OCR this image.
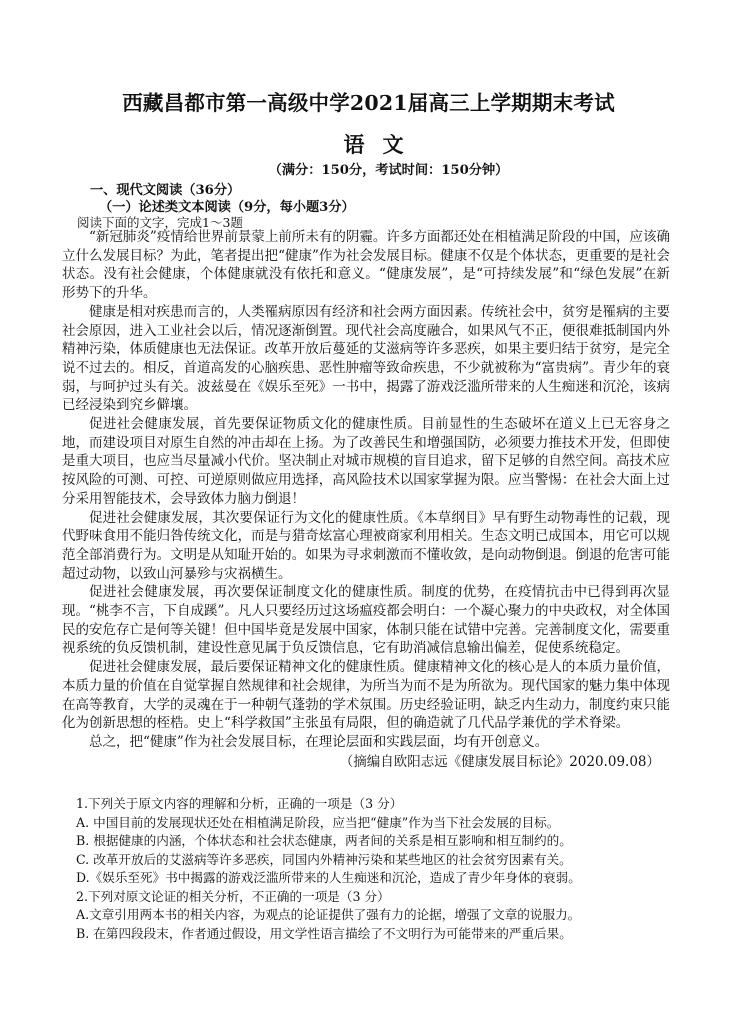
西藏昌都市第一高级中学2021届高三上学期期末考试
语文
（满分：150分，考试时间：150分钟）
一、现代文阅读（36分）
（一）论述类文本阅读（9分，每小题3分）
阅读下面的文字，完成1～3题

“新冠肺炎”疫情给世界前景蒙上前所未有的阴霾。许多方面都还处在相植满足阶段的中国，应该确立什么发展目标？为此，笔者提出把“健康”作为社会发展目标。健康不仅是个体状态，更重要的是社会状态。没有社会健康，个体健康就没有依托和意义。“健康发展”，是“可持续发展”和“绿色发展”在新形势下的升华。

健康是相对疾患而言的，人类罹病原因有经济和社会两方面因素。传统社会中，贫穷是罹病的主要社会原因，进入工业社会以后，情况逐渐倒置。现代社会高度融合，如果风气不正，便很难抵制国内外精神污染，体质健康也无法保证。改革开放后蔓延的艾滋病等许多恶疾，如果主要归结于贫穷，是完全说不过去的。相反，首道高发的心脑疾患、恶性肿瘤等致命疾患，不少就被称为“富贵病”。青少年的衰弱，与呵护过头有关。波兹曼在《娱乐至死》一书中，揭露了游戏泛滥所带来的人生痴迷和沉沦，该病已经浸染到究乡僻壤。

促进社会健康发展，首先要保证物质文化的健康性质。目前显性的生态破坏在道义上已无容身之地，而建设项目对原生自然的冲击却在上扬。为了改善民生和增强国防，必须要力推技术开发，但即使是重大项目，也应当尽量减小代价。坚决制止对城市规模的盲目追求，留下足够的自然空间。高技术应按风险的可测、可控、可逆原则做应用选择，高风险技术以国家掌握为限。应当警惕：在社会大面上过分采用智能技术，会导致体力脑力倒退！

促进社会健康发展，其次要保证行为文化的健康性质。《本草纲目》早有野生动物毒性的记载，现代野味食用不能归咎传统文化，而是与猎奇炫富心理被商家利用相关。生态文明已成国本，用它可以规范全部消费行为。文明是从知耻开始的。如果为寻求刺激而不懂收敛，是向动物倒退。倒退的危害可能超过动物，以致山河暴殄与灾祸横生。

促进社会健康发展，再次要保证制度文化的健康性质。制度的优势，在疫情抗击中已得到再次显现。“桃李不言，下自成蹊”。凡人只要经历过这场瘟疫都会明白：一个凝心聚力的中央政权，对全体国民的安危存亡是何等关键！但中国毕竟是发展中国家，体制只能在试错中完善。完善制度文化，需要重视系统的负反馈机制，建设性意见属于负反馈信息，它有助消减信息输出偏差，促使系统稳定。

促进社会健康发展，最后要保证精神文化的健康性质。健康精神文化的核心是人的本质力量价值，本质力量的价值在自觉掌握自然规律和社会规律，为所当为而不是为所欲为。现代国家的魅力集中体现在高等教育，大学的灵魂在于一种朝气蓬勃的学术氛围。历史经验证明，缺乏内生动力，制度约束只能化为创新思想的桎梏。史上“科学救国”主张虽有局限，但的确造就了几代品学兼优的学术脊梁。

总之，把“健康”作为社会发展目标，在理论层面和实践层面，均有开创意义。

（摘编自欧阳志远《健康发展目标论》2020.09.08）

1.下列关于原文内容的理解和分析，正确的一项是（3 分）
A. 中国目前的发展现状还处在相植满足阶段，应当把“健康”作为当下社会发展的目标。
B. 根据健康的内涵，个体状态和社会状态健康，两者间的关系是相互影响和相互制约的。
C. 改革开放后的艾滋病等许多恶疾，同国内外精神污染和某些地区的社会贫穷因素有关。
D.《娱乐至死》书中揭露的游戏泛滥所带来的人生痴迷和沉沦，造成了青少年身体的衰弱。
2.下列对原文论证的相关分析，不正确的一项是（3 分）
A.文章引用两本书的相关内容，为观点的论证提供了强有力的论据，增强了文章的说服力。
B. 在第四段段末，作者通过假设，用文学性语言描绘了不文明行为可能带来的严重后果。
